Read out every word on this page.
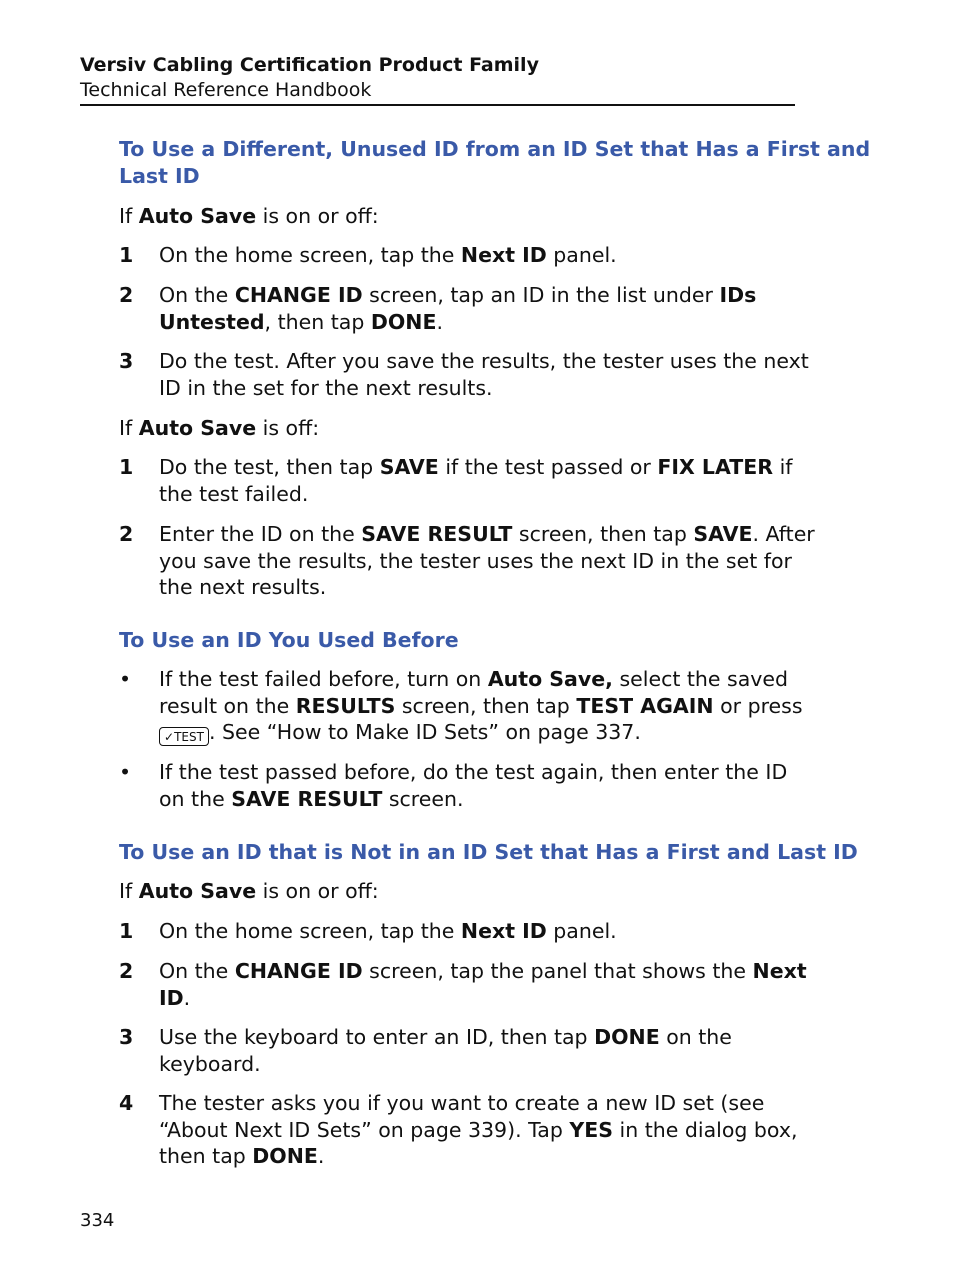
Versiv Cabling Certification Product Family
Technical Reference Handbook
To Use a Different, Unused ID from an ID Set that Has a First and
Last ID
If Auto Save is on or off:
1 On the home screen, tap the Next ID panel.
2 On the CHANGE ID screen, tap an ID in the list under IDs
Untested, then tap DONE.
3 Do the test. After you save the results, the tester uses the next
ID in the set for the next results.
If Auto Save is off:
1 Do the test, then tap SAVE if the test passed or FIX LATER if
the test failed.
2 Enter the ID on the SAVE RESULT screen, then tap SAVE. After
you save the results, the tester uses the next ID in the set for
the next results.
To Use an ID You Used Before
• If the test failed before, turn on Auto Save, select the saved
result on the RESULTS screen, then tap TEST AGAIN or press
✓TEST . See “How to Make ID Sets” on page 337.
• If the test passed before, do the test again, then enter the ID
on the SAVE RESULT screen.
To Use an ID that is Not in an ID Set that Has a First and Last ID
If Auto Save is on or off:
1 On the home screen, tap the Next ID panel.
2 On the CHANGE ID screen, tap the panel that shows the Next
ID.
3 Use the keyboard to enter an ID, then tap DONE on the
keyboard.
4 The tester asks you if you want to create a new ID set (see
“About Next ID Sets” on page 339). Tap YES in the dialog box,
then tap DONE.
334
